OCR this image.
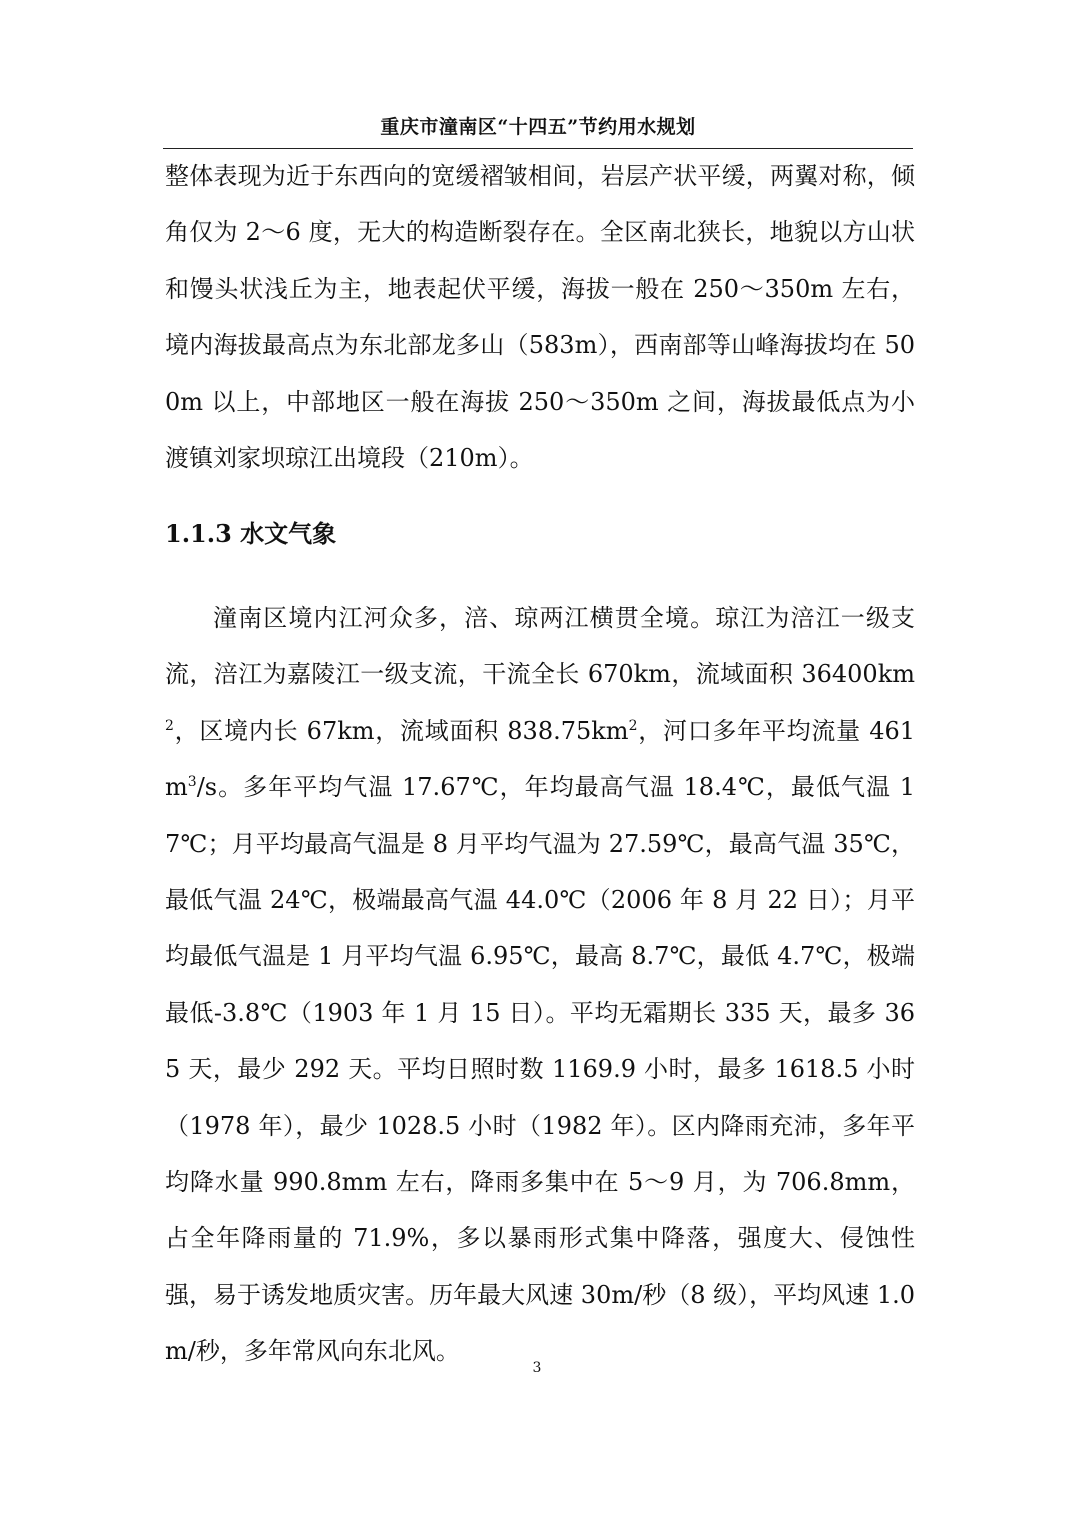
重庆市潼南区“十四五”节约用水规划

整体表现为近于东西向的宽缓褶皱相间，岩层产状平缓，两翼对称，倾角仅为 2～6 度，无大的构造断裂存在。全区南北狭长，地貌以方山状和馒头状浅丘为主，地表起伏平缓，海拔一般在 250～350m 左右，境内海拔最高点为东北部龙多山（583m），西南部等山峰海拔均在 500m 以上，中部地区一般在海拔 250～350m 之间，海拔最低点为小渡镇刘家坝琼江出境段（210m）。

1.1.3 水文气象

潼南区境内江河众多，涪、琼两江横贯全境。琼江为涪江一级支流，涪江为嘉陵江一级支流，干流全长 670km，流域面积 $36400km^2$，区境内长 67km，流域面积 $838.75km^2$，河口多年平均流量 $461m^3/s$。多年平均气温 17.67℃，年均最高气温 18.4℃，最低气温 17℃；月平均最高气温是 8 月平均气温为 27.59℃，最高气温 35℃，最低气温 24℃，极端最高气温 44.0℃（2006 年 8 月 22 日）；月平均最低气温是 1 月平均气温 6.95℃，最高 8.7℃，最低 4.7℃，极端最低-3.8℃（1903 年 1 月 15 日）。平均无霜期长 335 天，最多 365 天，最少 292 天。平均日照时数 1169.9 小时，最多 1618.5 小时（1978 年），最少 1028.5 小时（1982 年）。区内降雨充沛，多年平均降水量 990.8mm 左右，降雨多集中在 5～9 月，为 706.8mm，占全年降雨量的 71.9%，多以暴雨形式集中降落，强度大、侵蚀性强，易于诱发地质灾害。历年最大风速 30m/秒（8 级），平均风速 1.0m/秒，多年常风向东北风。

3
